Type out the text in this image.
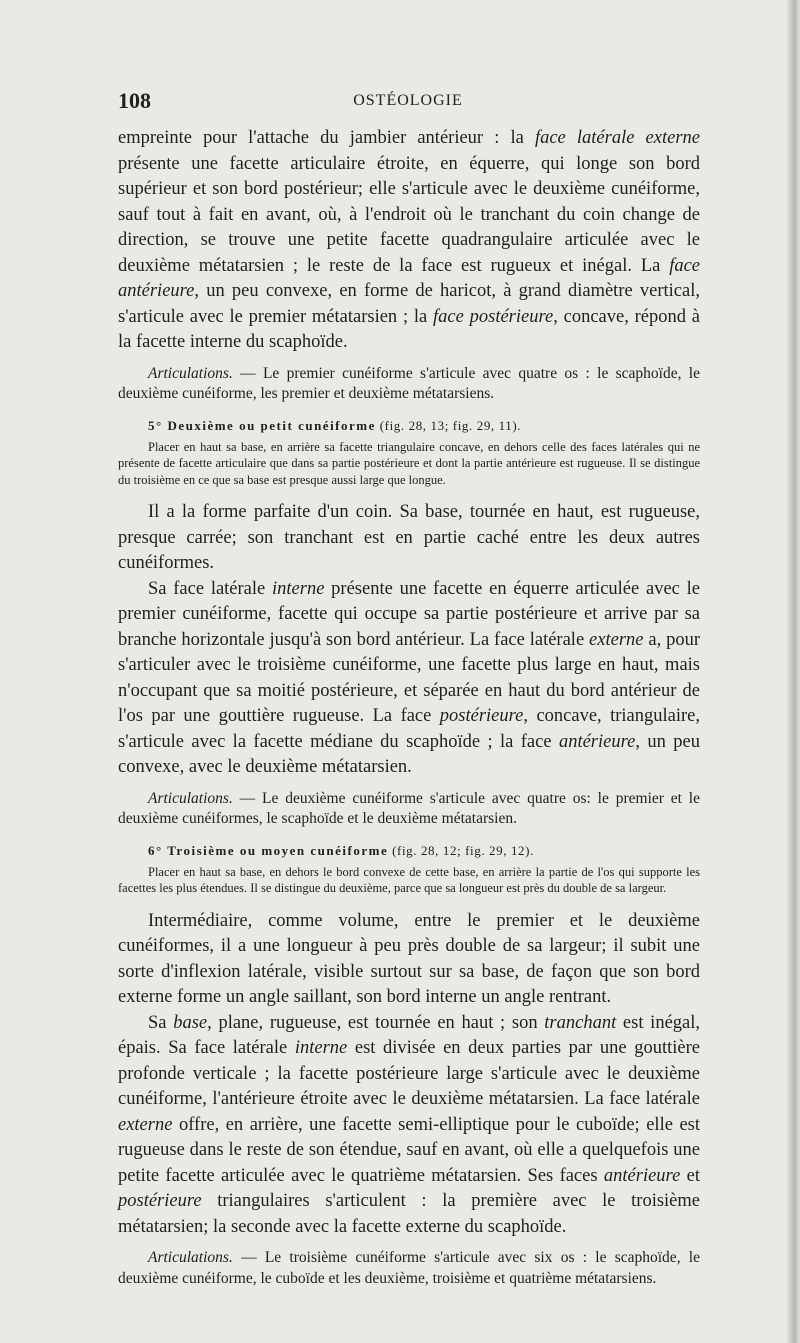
108	OSTÉOLOGIE

empreinte pour l'attache du jambier antérieur : la face latérale externe présente une facette articulaire étroite, en équerre, qui longe son bord supérieur et son bord postérieur; elle s'articule avec le deuxième cunéiforme, sauf tout à fait en avant, où, à l'endroit où le tranchant du coin change de direction, se trouve une petite facette quadrangulaire articulée avec le deuxième métatarsien ; le reste de la face est rugueux et inégal. La face antérieure, un peu convexe, en forme de haricot, à grand diamètre vertical, s'articule avec le premier métatarsien ; la face postérieure, concave, répond à la facette interne du scaphoïde.

Articulations. — Le premier cunéiforme s'articule avec quatre os : le scaphoïde, le deuxième cunéiforme, les premier et deuxième métatarsiens.

5° Deuxième ou petit cunéiforme (fig. 28, 13; fig. 29, 11).

Placer en haut sa base, en arrière sa facette triangulaire concave, en dehors celle des faces latérales qui ne présente de facette articulaire que dans sa partie postérieure et dont la partie antérieure est rugueuse. Il se distingue du troisième en ce que sa base est presque aussi large que longue.

Il a la forme parfaite d'un coin. Sa base, tournée en haut, est rugueuse, presque carrée; son tranchant est en partie caché entre les deux autres cunéiformes.

Sa face latérale interne présente une facette en équerre articulée avec le premier cunéiforme, facette qui occupe sa partie postérieure et arrive par sa branche horizontale jusqu'à son bord antérieur. La face latérale externe a, pour s'articuler avec le troisième cunéiforme, une facette plus large en haut, mais n'occupant que sa moitié postérieure, et séparée en haut du bord antérieur de l'os par une gouttière rugueuse. La face postérieure, concave, triangulaire, s'articule avec la facette médiane du scaphoïde ; la face antérieure, un peu convexe, avec le deuxième métatarsien.

Articulations. — Le deuxième cunéiforme s'articule avec quatre os: le premier et le deuxième cunéiformes, le scaphoïde et le deuxième métatarsien.

6° Troisième ou moyen cunéiforme (fig. 28, 12; fig. 29, 12).

Placer en haut sa base, en dehors le bord convexe de cette base, en arrière la partie de l'os qui supporte les facettes les plus étendues. Il se distingue du deuxième, parce que sa longueur est près du double de sa largeur.

Intermédiaire, comme volume, entre le premier et le deuxième cunéiformes, il a une longueur à peu près double de sa largeur; il subit une sorte d'inflexion latérale, visible surtout sur sa base, de façon que son bord externe forme un angle saillant, son bord interne un angle rentrant.

Sa base, plane, rugueuse, est tournée en haut ; son tranchant est inégal, épais. Sa face latérale interne est divisée en deux parties par une gouttière profonde verticale ; la facette postérieure large s'articule avec le deuxième cunéiforme, l'antérieure étroite avec le deuxième métatarsien. La face latérale externe offre, en arrière, une facette semi-elliptique pour le cuboïde; elle est rugueuse dans le reste de son étendue, sauf en avant, où elle a quelquefois une petite facette articulée avec le quatrième métatarsien. Ses faces antérieure et postérieure triangulaires s'articulent : la première avec le troisième métatarsien; la seconde avec la facette externe du scaphoïde.

Articulations. — Le troisième cunéiforme s'articule avec six os : le scaphoïde, le deuxième cunéiforme, le cuboïde et les deuxième, troisième et quatrième métatarsiens.
